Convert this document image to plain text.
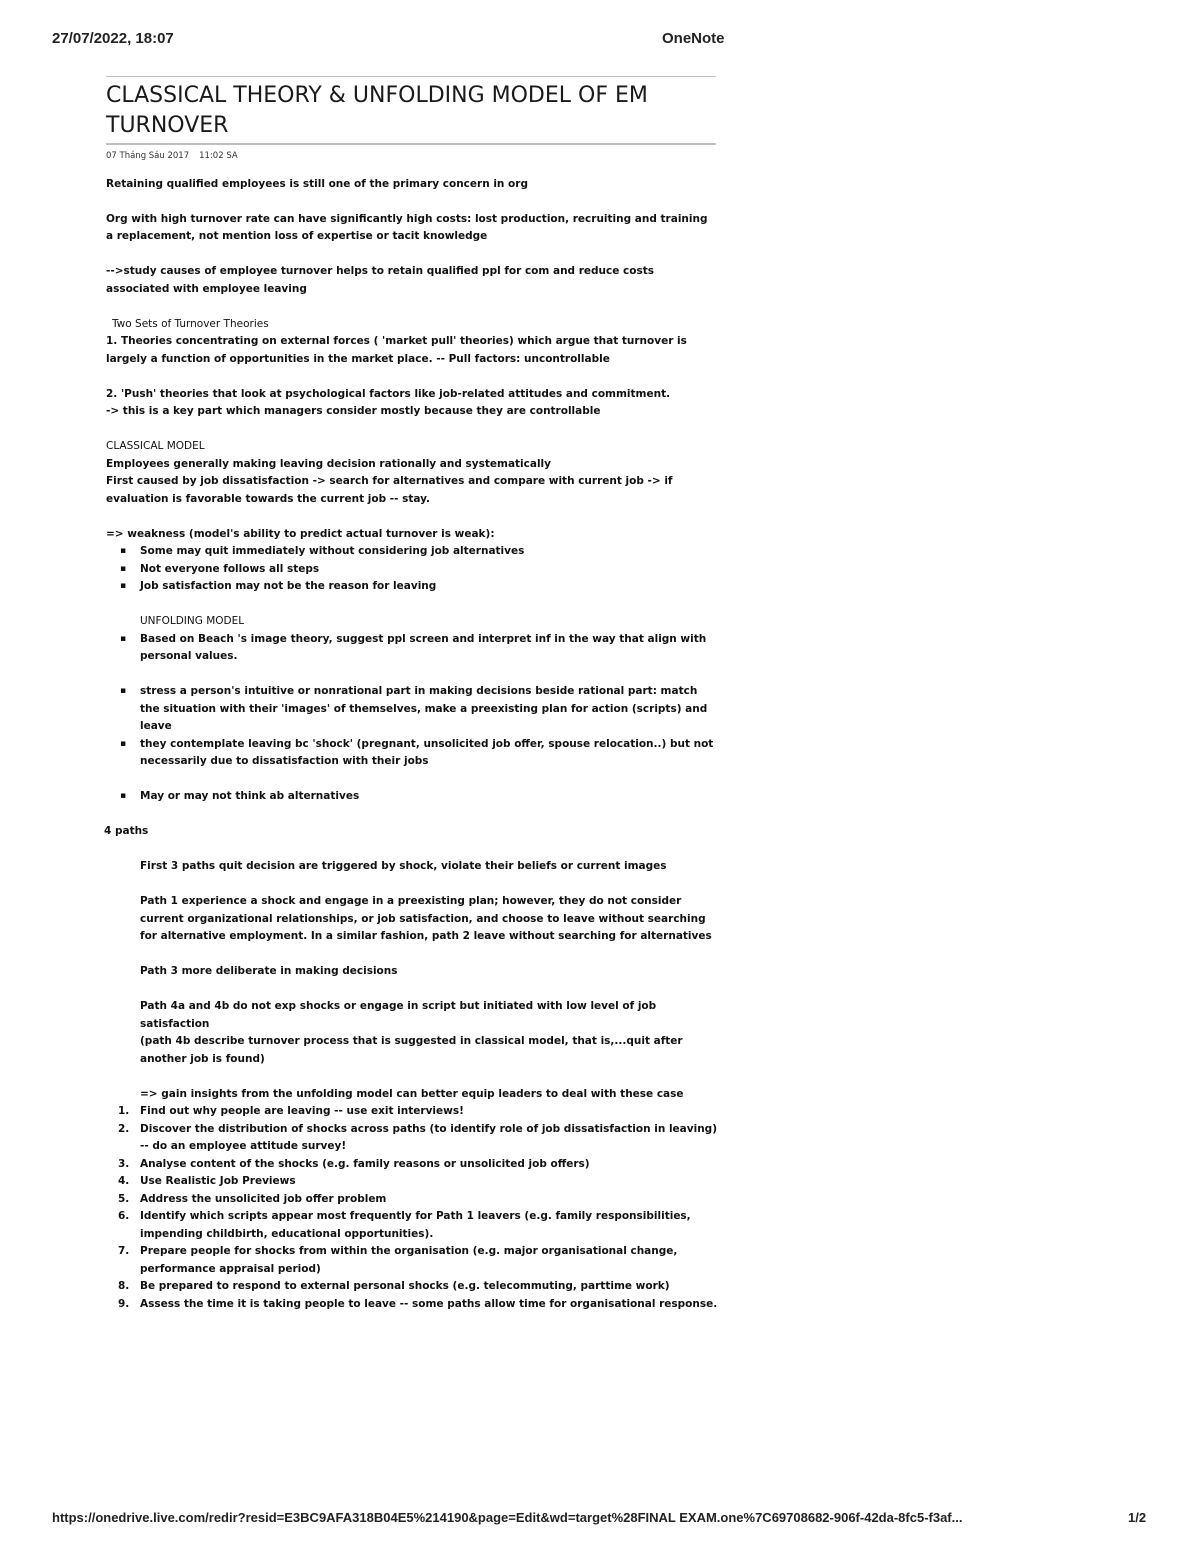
27/07/2022, 18:07	OneNote
CLASSICAL THEORY & UNFOLDING MODEL OF EM
TURNOVER
07 Tháng Sáu 2017 11:02 SA

Retaining qualified employees is still one of the primary concern in org

Org with high turnover rate can have significantly high costs: lost production, recruiting and training a replacement, not mention loss of expertise or tacit knowledge

-->study causes of employee turnover helps to retain qualified ppl for com and reduce costs associated with employee leaving

Two Sets of Turnover Theories

1. Theories concentrating on external forces ( 'market pull' theories) which argue that turnover is largely a function of opportunities in the market place. -- Pull factors: uncontrollable

2. 'Push' theories that look at psychological factors like job-related attitudes and commitment.

-> this is a key part which managers consider mostly because they are controllable

CLASSICAL MODEL

Employees generally making leaving decision rationally and systematically

First caused by job dissatisfaction -> search for alternatives and compare with current job -> if evaluation is favorable towards the current job -- stay.

=> weakness (model's ability to predict actual turnover is weak):

▪ Some may quit immediately without considering job alternatives
▪ Not everyone follows all steps
▪ Job satisfaction may not be the reason for leaving

UNFOLDING MODEL

▪ Based on Beach 's image theory, suggest ppl screen and interpret inf in the way that align with personal values.
▪ stress a person's intuitive or nonrational part in making decisions beside rational part: match the situation with their 'images' of themselves, make a preexisting plan for action (scripts) and leave
▪ they contemplate leaving bc 'shock' (pregnant, unsolicited job offer, spouse relocation..) but not necessarily due to dissatisfaction with their jobs
▪ May or may not think ab alternatives

4 paths

First 3 paths quit decision are triggered by shock, violate their beliefs or current images

Path 1 experience a shock and engage in a preexisting plan; however, they do not consider current organizational relationships, or job satisfaction, and choose to leave without searching for alternative employment. In a similar fashion, path 2 leave without searching for alternatives

Path 3 more deliberate in making decisions

Path 4a and 4b do not exp shocks or engage in script but initiated with low level of job satisfaction

(path 4b describe turnover process that is suggested in classical model, that is,...quit after another job is found)

=> gain insights from the unfolding model can better equip leaders to deal with these case

1. Find out why people are leaving -- use exit interviews!
2. Discover the distribution of shocks across paths (to identify role of job dissatisfaction in leaving) -- do an employee attitude survey!
3. Analyse content of the shocks (e.g. family reasons or unsolicited job offers)
4. Use Realistic Job Previews
5. Address the unsolicited job offer problem
6. Identify which scripts appear most frequently for Path 1 leavers (e.g. family responsibilities, impending childbirth, educational opportunities).
7. Prepare people for shocks from within the organisation (e.g. major organisational change, performance appraisal period)
8. Be prepared to respond to external personal shocks (e.g. telecommuting, parttime work)
9. Assess the time it is taking people to leave -- some paths allow time for organisational response.
https://onedrive.live.com/redir?resid=E3BC9AFA318B04E5%214190&page=Edit&wd=target%28FINAL EXAM.one%7C69708682-906f-42da-8fc5-f3af...	1/2
